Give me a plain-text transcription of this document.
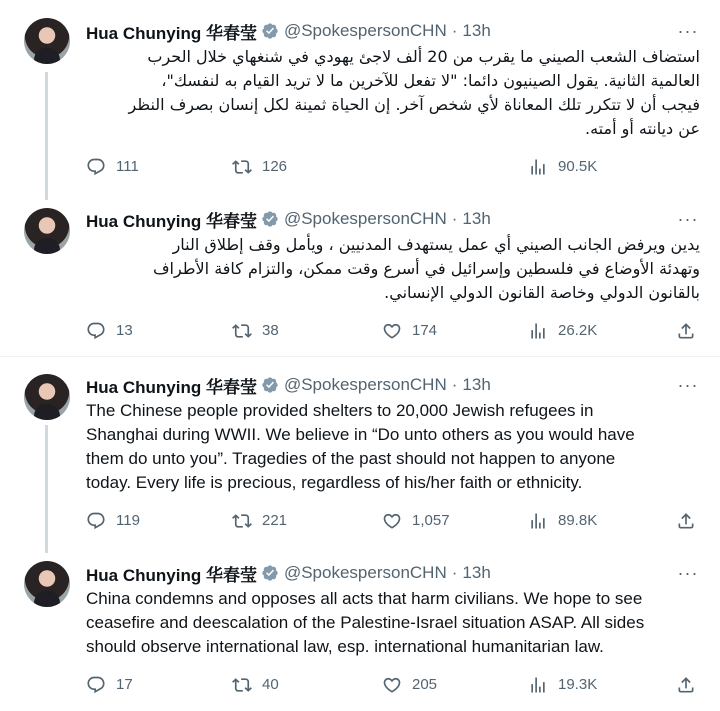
Hua Chunying 华春莹 @SpokespersonCHN · 13h	···
استضاف الشعب الصيني ما يقرب من 20 ألف لاجئ يهودي في شنغهاي خلال الحرب
العالمية الثانية. يقول الصينيون دائما: "لا تفعل للآخرين ما لا تريد القيام به لنفسك"،
فيجب أن لا تتكرر تلك المعاناة لأي شخص آخر. إن الحياة ثمينة لكل إنسان بصرف النظر
عن ديانته أو أمته.
111	126	90.5K
Hua Chunying 华春莹 @SpokespersonCHN · 13h	···
يدين ويرفض الجانب الصيني أي عمل يستهدف المدنيين ، ويأمل وقف إطلاق النار
وتهدئة الأوضاع في فلسطين وإسرائيل في أسرع وقت ممكن، والتزام كافة الأطراف
بالقانون الدولي وخاصة القانون الدولي الإنساني.
13	38	174	26.2K
Hua Chunying 华春莹 @SpokespersonCHN · 13h	···
The Chinese people provided shelters to 20,000 Jewish refugees in
Shanghai during WWII. We believe in “Do unto others as you would have
them do unto you”. Tragedies of the past should not happen to anyone
today. Every life is precious, regardless of his/her faith or ethnicity.
119	221	1,057	89.8K
Hua Chunying 华春莹 @SpokespersonCHN · 13h	···
China condemns and opposes all acts that harm civilians. We hope to see
ceasefire and deescalation of the Palestine-Israel situation ASAP. All sides
should observe international law, esp. international humanitarian law.
17	40	205	19.3K
